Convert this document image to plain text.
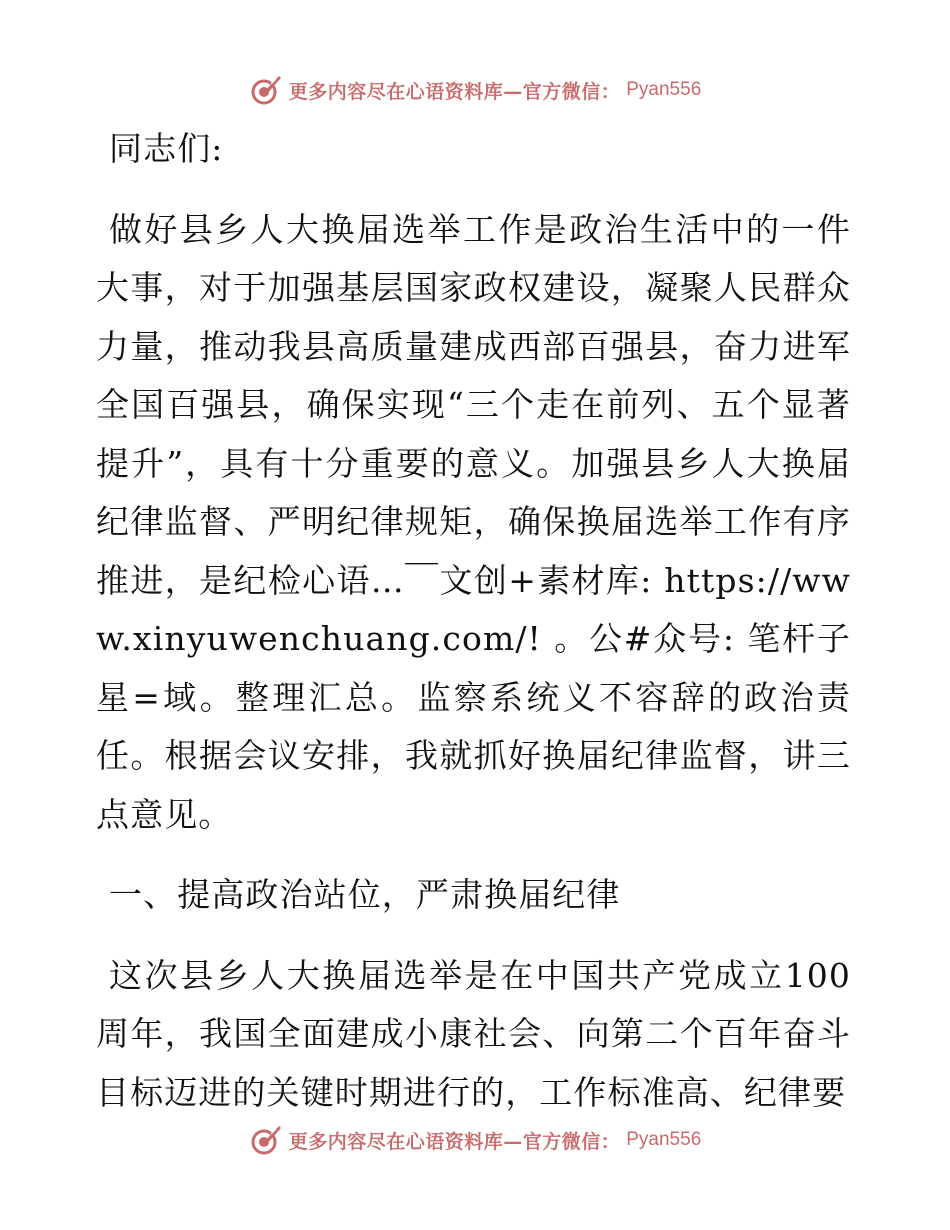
更多内容尽在心语资料库—官方微信： Pyan556

同志们:

做好县乡人大换届选举工作是政治生活中的一件大事，对于加强基层国家政权建设，凝聚人民群众力量，推动我县高质量建成西部百强县，奋力进军全国百强县，确保实现“三个走在前列、五个显著提升”，具有十分重要的意义。加强县乡人大换届纪律监督、严明纪律规矩，确保换届选举工作有序推进，是纪检心语…￣文创+素材库: https://www.xinyuwenchuang.com/! 。公#众号: 笔杆子星=域。整理汇总。监察系统义不容辞的政治责任。根据会议安排，我就抓好换届纪律监督，讲三点意见。

一、提高政治站位，严肃换届纪律

这次县乡人大换届选举是在中国共产党成立100周年，我国全面建成小康社会、向第二个百年奋斗目标迈进的关键时期进行的，工作标准高、纪律要

更多内容尽在心语资料库—官方微信： Pyan556
